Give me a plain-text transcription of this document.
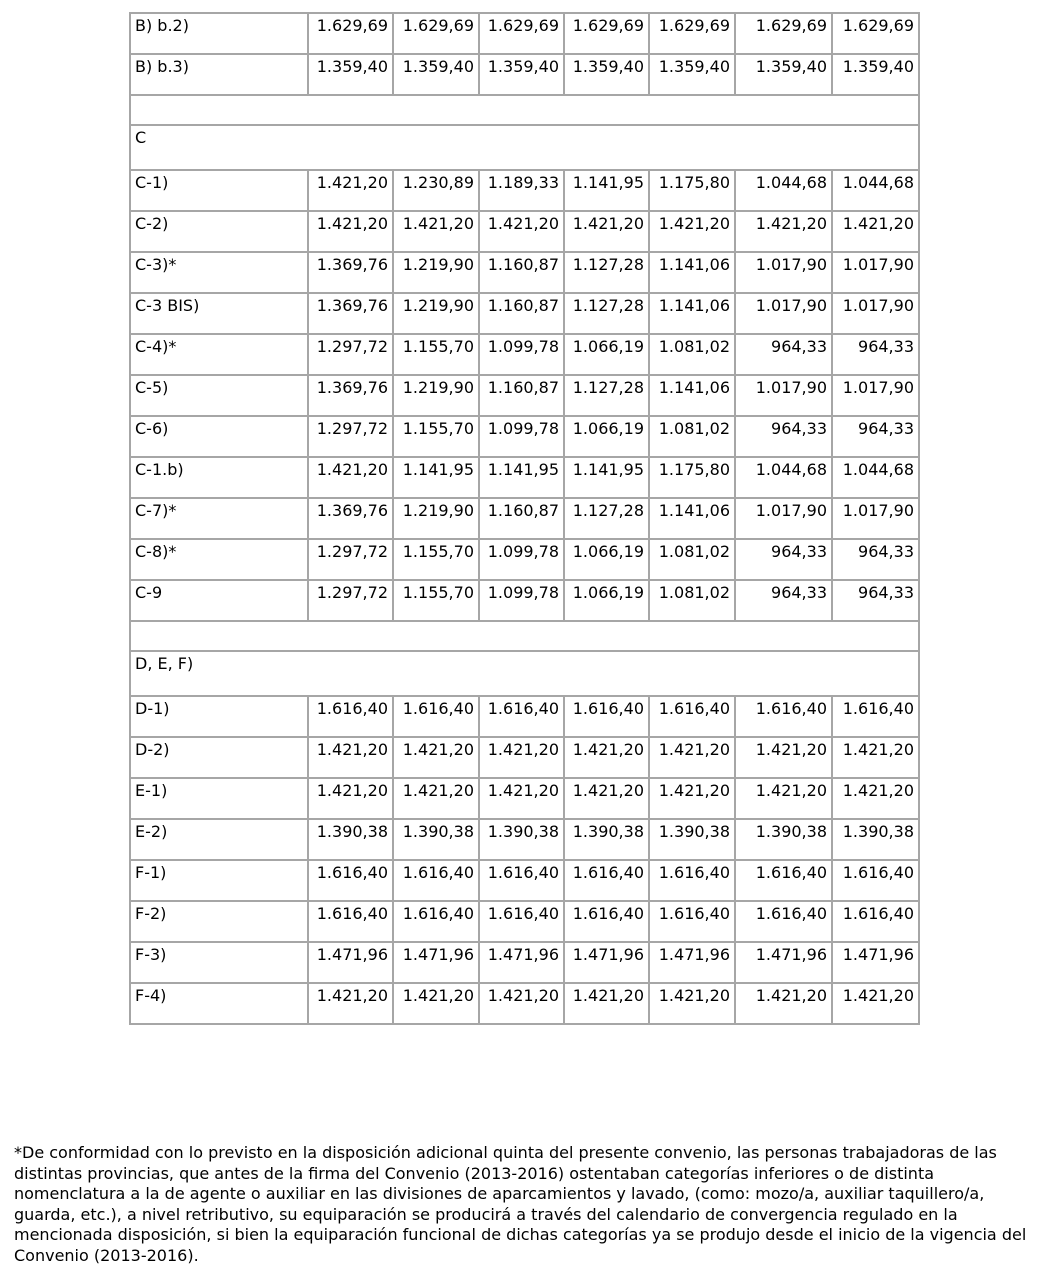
B) b.2)	1.629,69	1.629,69	1.629,69	1.629,69	1.629,69	1.629,69	1.629,69
B) b.3)	1.359,40	1.359,40	1.359,40	1.359,40	1.359,40	1.359,40	1.359,40

C							
C-1)	1.421,20	1.230,89	1.189,33	1.141,95	1.175,80	1.044,68	1.044,68
C-2)	1.421,20	1.421,20	1.421,20	1.421,20	1.421,20	1.421,20	1.421,20
C-3)*	1.369,76	1.219,90	1.160,87	1.127,28	1.141,06	1.017,90	1.017,90
C-3 BIS)	1.369,76	1.219,90	1.160,87	1.127,28	1.141,06	1.017,90	1.017,90
C-4)*	1.297,72	1.155,70	1.099,78	1.066,19	1.081,02	964,33	964,33
C-5)	1.369,76	1.219,90	1.160,87	1.127,28	1.141,06	1.017,90	1.017,90
C-6)	1.297,72	1.155,70	1.099,78	1.066,19	1.081,02	964,33	964,33
C-1.b)	1.421,20	1.141,95	1.141,95	1.141,95	1.175,80	1.044,68	1.044,68
C-7)*	1.369,76	1.219,90	1.160,87	1.127,28	1.141,06	1.017,90	1.017,90
C-8)*	1.297,72	1.155,70	1.099,78	1.066,19	1.081,02	964,33	964,33
C-9	1.297,72	1.155,70	1.099,78	1.066,19	1.081,02	964,33	964,33

D, E, F)							
D-1)	1.616,40	1.616,40	1.616,40	1.616,40	1.616,40	1.616,40	1.616,40
D-2)	1.421,20	1.421,20	1.421,20	1.421,20	1.421,20	1.421,20	1.421,20
E-1)	1.421,20	1.421,20	1.421,20	1.421,20	1.421,20	1.421,20	1.421,20
E-2)	1.390,38	1.390,38	1.390,38	1.390,38	1.390,38	1.390,38	1.390,38
F-1)	1.616,40	1.616,40	1.616,40	1.616,40	1.616,40	1.616,40	1.616,40
F-2)	1.616,40	1.616,40	1.616,40	1.616,40	1.616,40	1.616,40	1.616,40
F-3)	1.471,96	1.471,96	1.471,96	1.471,96	1.471,96	1.471,96	1.471,96
F-4)	1.421,20	1.421,20	1.421,20	1.421,20	1.421,20	1.421,20	1.421,20

*De conformidad con lo previsto en la disposición adicional quinta del presente convenio, las personas trabajadoras de las distintas provincias, que antes de la firma del Convenio (2013-2016) ostentaban categorías inferiores o de distinta nomenclatura a la de agente o auxiliar en las divisiones de aparcamientos y lavado, (como: mozo/a, auxiliar taquillero/a, guarda, etc.), a nivel retributivo, su equiparación se producirá a través del calendario de convergencia regulado en la mencionada disposición, si bien la equiparación funcional de dichas categorías ya se produjo desde el inicio de la vigencia del Convenio (2013-2016).
